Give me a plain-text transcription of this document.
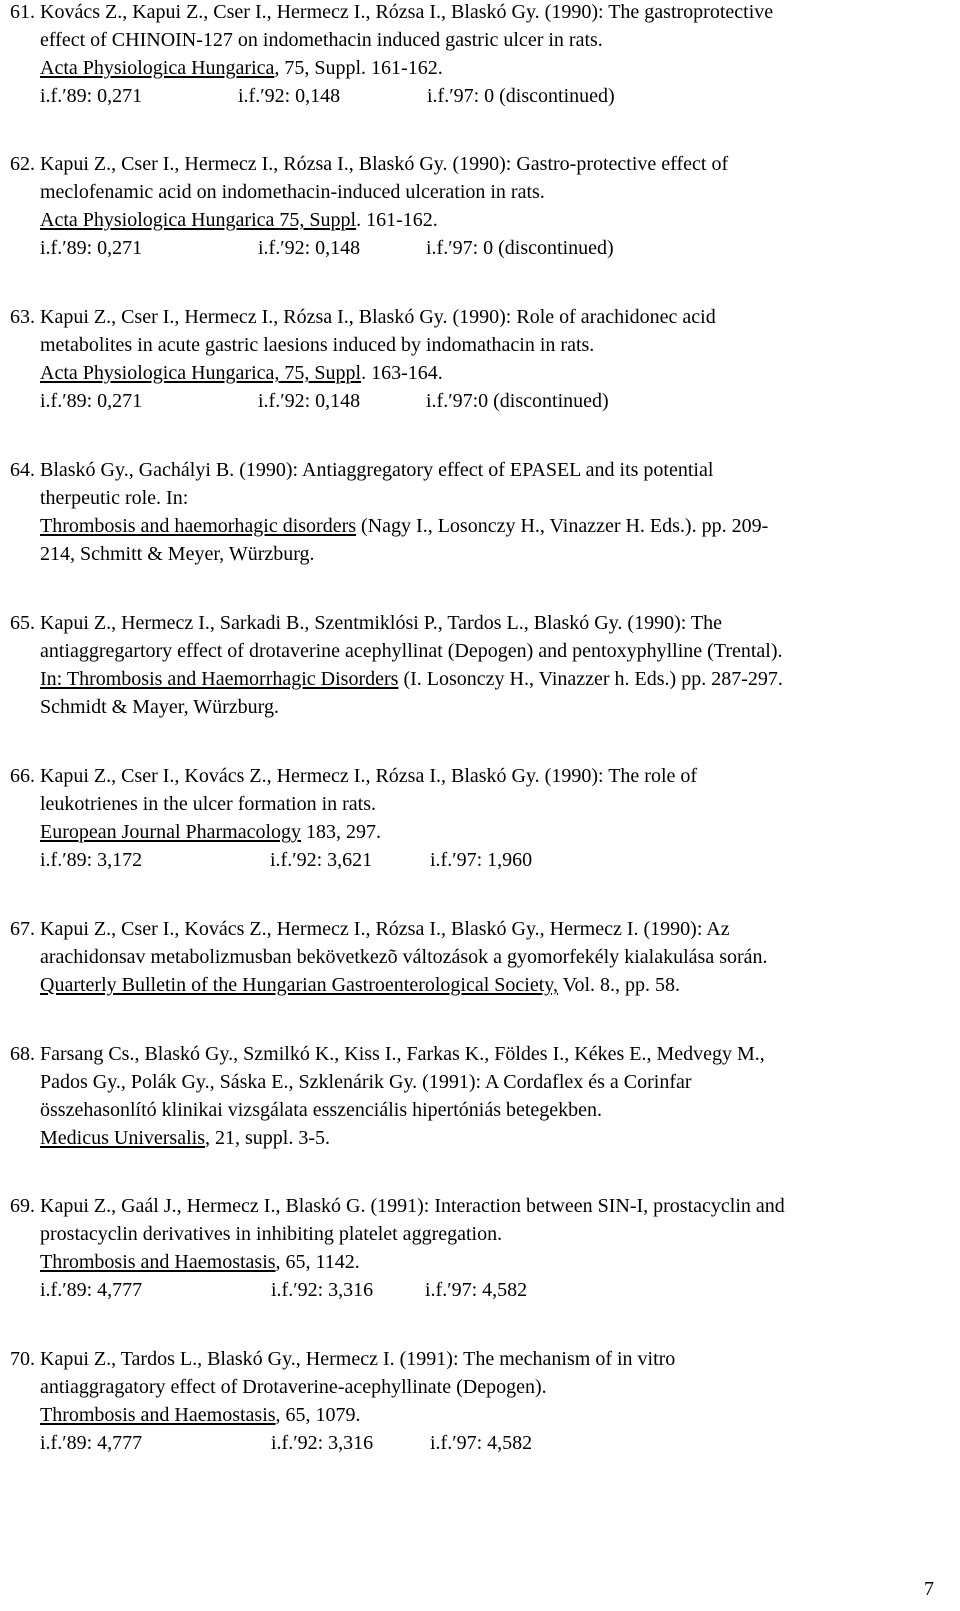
61. Kovács Z., Kapui Z., Cser I., Hermecz I., Rózsa I., Blaskó Gy. (1990): The gastroprotective
effect of CHINOIN-127 on indomethacin induced gastric ulcer in rats.
Acta Physiologica Hungarica, 75, Suppl. 161-162.
i.f.′89: 0,271	i.f.′92: 0,148	i.f.′97: 0 (discontinued)
62. Kapui Z., Cser I., Hermecz I., Rózsa I., Blaskó Gy. (1990): Gastro-protective effect of
meclofenamic acid on indomethacin-induced ulceration in rats.
Acta Physiologica Hungarica 75, Suppl. 161-162.
i.f.′89: 0,271	i.f.′92: 0,148	i.f.′97: 0 (discontinued)
63. Kapui Z., Cser I., Hermecz I., Rózsa I., Blaskó Gy. (1990): Role of arachidonec acid
metabolites in acute gastric laesions induced by indomathacin in rats.
Acta Physiologica Hungarica, 75, Suppl. 163-164.
i.f.′89: 0,271	i.f.′92: 0,148	i.f.′97:0 (discontinued)
64. Blaskó Gy., Gachályi B. (1990): Antiaggregatory effect of EPASEL and its potential
therpeutic role. In:
Thrombosis and haemorhagic disorders (Nagy I., Losonczy H., Vinazzer H. Eds.). pp. 209-
214, Schmitt & Meyer, Würzburg.
65. Kapui Z., Hermecz I., Sarkadi B., Szentmiklósi P., Tardos L., Blaskó Gy. (1990): The
antiaggregartory effect of drotaverine acephyllinat (Depogen) and pentoxyphylline (Trental).
In: Thrombosis and Haemorrhagic Disorders (I. Losonczy H., Vinazzer h. Eds.) pp. 287-297.
Schmidt & Mayer, Würzburg.
66. Kapui Z., Cser I., Kovács Z., Hermecz I., Rózsa I., Blaskó Gy. (1990): The role of
leukotrienes in the ulcer formation in rats.
European Journal Pharmacology 183, 297.
i.f.′89: 3,172	i.f.′92: 3,621	i.f.′97: 1,960
67. Kapui Z., Cser I., Kovács Z., Hermecz I., Rózsa I., Blaskó Gy., Hermecz I. (1990): Az
arachidonsav metabolizmusban bekövetkezõ változások a gyomorfekély kialakulása során.
Quarterly Bulletin of the Hungarian Gastroenterological Society, Vol. 8., pp. 58.
68. Farsang Cs., Blaskó Gy., Szmilkó K., Kiss I., Farkas K., Földes I., Kékes E., Medvegy M.,
Pados Gy., Polák Gy., Sáska E., Szklenárik Gy. (1991): A Cordaflex és a Corinfar
összehasonlító klinikai vizsgálata esszenciális hipertóniás betegekben.
Medicus Universalis, 21, suppl. 3-5.
69. Kapui Z., Gaál J., Hermecz I., Blaskó G. (1991): Interaction between SIN-I, prostacyclin and
prostacyclin derivatives in inhibiting platelet aggregation.
Thrombosis and Haemostasis, 65, 1142.
i.f.′89: 4,777	i.f.′92: 3,316	i.f.′97: 4,582
70. Kapui Z., Tardos L., Blaskó Gy., Hermecz I. (1991): The mechanism of in vitro
antiaggragatory effect of Drotaverine-acephyllinate (Depogen).
Thrombosis and Haemostasis, 65, 1079.
i.f.′89: 4,777	i.f.′92: 3,316	i.f.′97: 4,582
7
